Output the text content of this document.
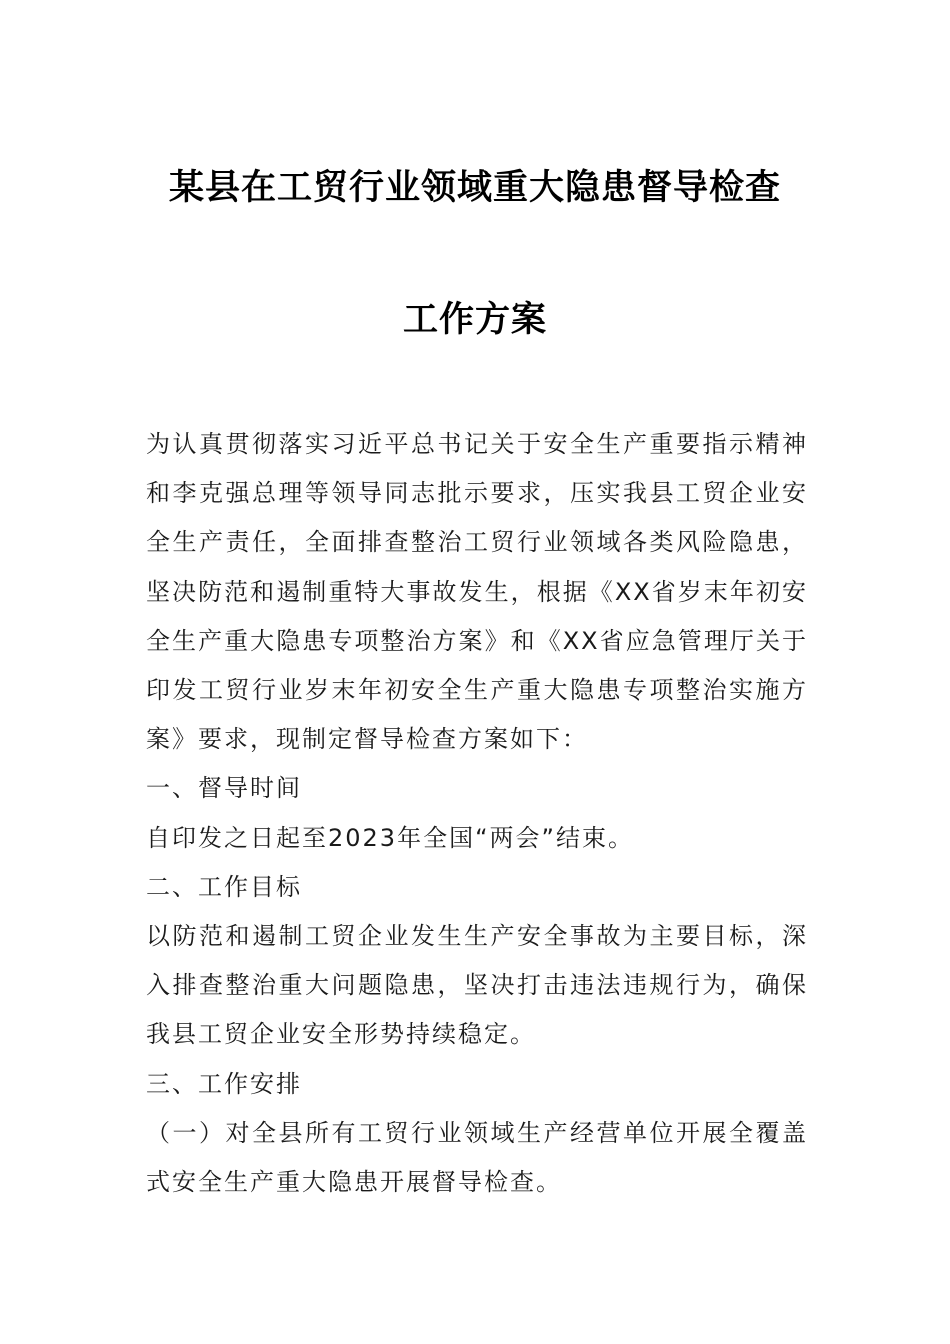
某县在工贸行业领域重大隐患督导检查
工作方案

为认真贯彻落实习近平总书记关于安全生产重要指示精神和李克强总理等领导同志批示要求，压实我县工贸企业安全生产责任，全面排查整治工贸行业领域各类风险隐患，坚决防范和遏制重特大事故发生，根据《XX省岁末年初安全生产重大隐患专项整治方案》和《XX省应急管理厅关于印发工贸行业岁末年初安全生产重大隐患专项整治实施方案》要求，现制定督导检查方案如下：

一、督导时间

自印发之日起至2023年全国“两会”结束。

二、工作目标

以防范和遏制工贸企业发生生产安全事故为主要目标，深入排查整治重大问题隐患，坚决打击违法违规行为，确保我县工贸企业安全形势持续稳定。

三、工作安排

（一）对全县所有工贸行业领域生产经营单位开展全覆盖式安全生产重大隐患开展督导检查。
